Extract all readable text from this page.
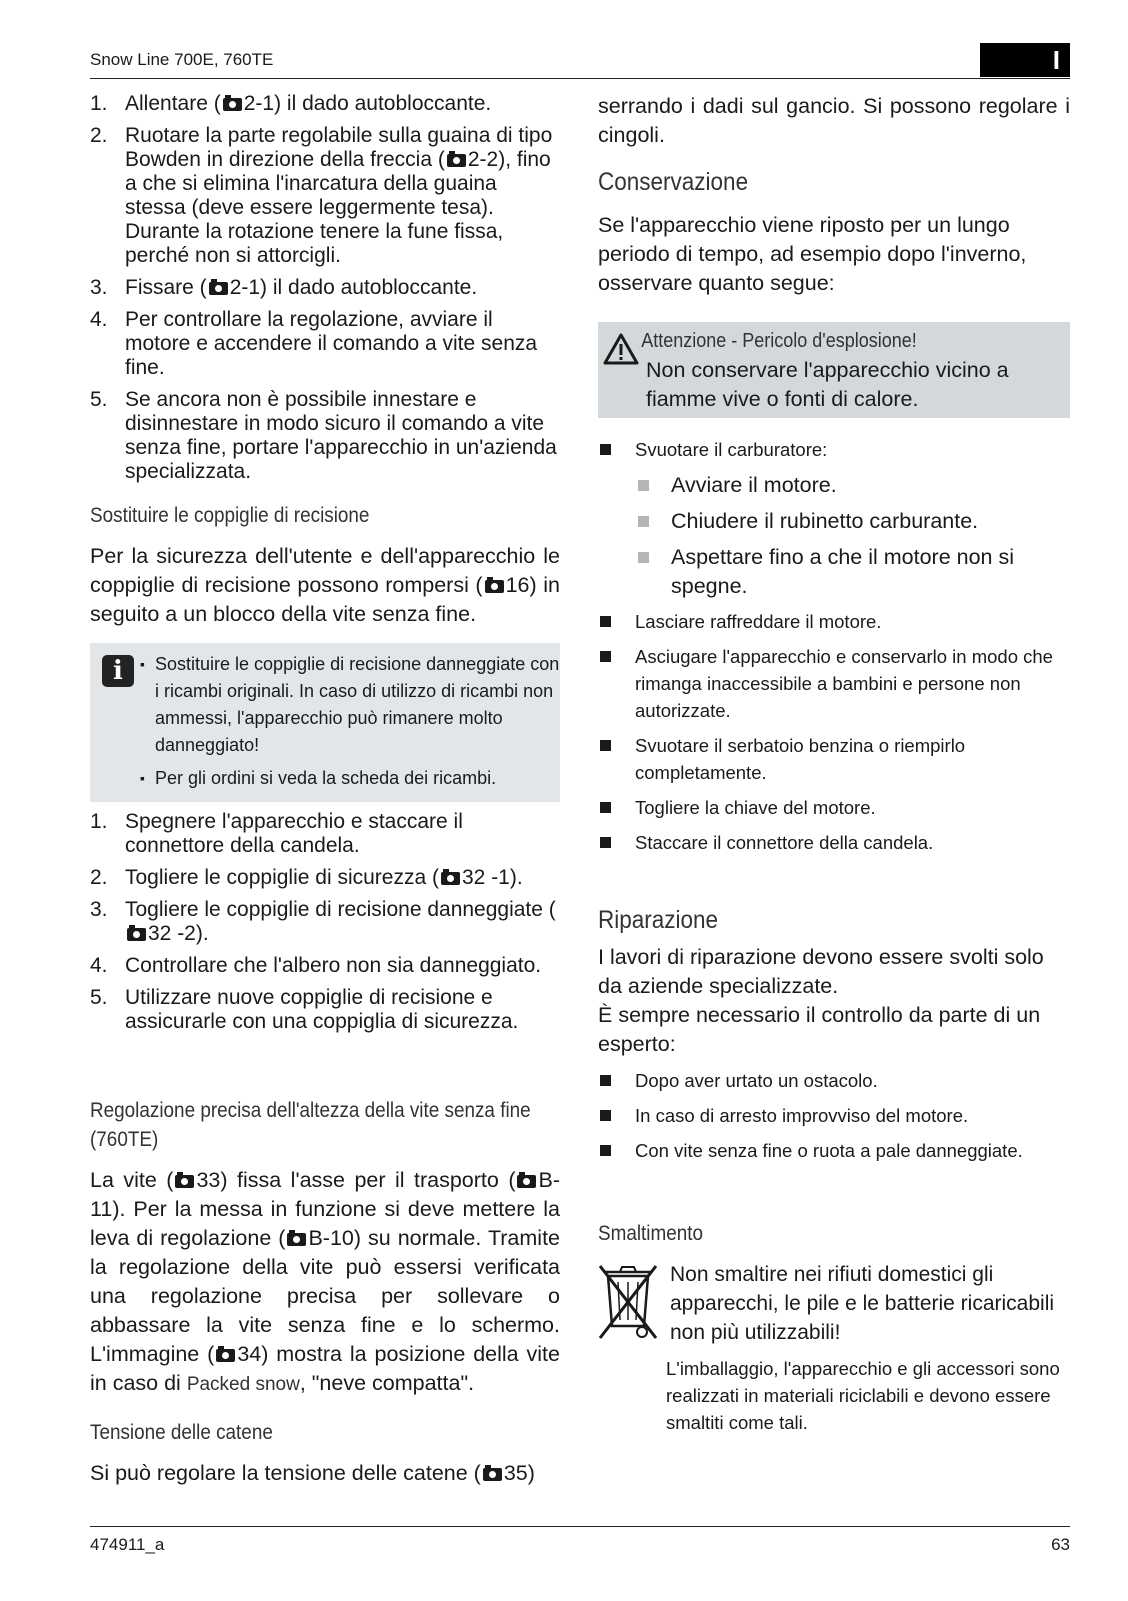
Snow Line 700E, 760TE	I
1. Allentare ( 2-1) il dado autobloccante.
2. Ruotare la parte regolabile sulla guaina di tipo Bowden in direzione della freccia ( 2-2), fino a che si elimina l'inarcatura della guaina stessa (deve essere leggermente tesa). Durante la rotazione tenere la fune fissa, perché non si attorcigli.
3. Fissare ( 2-1) il dado autobloccante.
4. Per controllare la regolazione, avviare il motore e accendere il comando a vite senza fine.
5. Se ancora non è possibile innestare e disinnestare in modo sicuro il comando a vite senza fine, portare l'apparecchio in un'azienda specializzata.
Sostituire le coppiglie di recisione

Per la sicurezza dell'utente e dell'apparecchio le coppiglie di recisione possono rompersi ( 16) in seguito a un blocco della vite senza fine.

i
▪	Sostituire le coppiglie di recisione danneggiate con i ricambi originali. In caso di utilizzo di ricambi non ammessi, l'apparecchio può rimanere molto danneggiato!
▪ Per gli ordini si veda la scheda dei ricambi.
1. Spegnere l'apparecchio e staccare il connettore della candela.
2. Togliere le coppiglie di sicurezza ( 32 -1).
3. Togliere le coppiglie di recisione danneggiate (32 -2).
4. Controllare che l'albero non sia danneggiato.
5. Utilizzare nuove coppiglie di recisione e assicurarle con una coppiglia di sicurezza.
Regolazione precisa dell'altezza della vite senza fine (760TE)

La vite ( 33) fissa l'asse per il trasporto ( B-11). Per la messa in funzione si deve mettere la leva di regolazione ( B-10) su normale. Tramite la regolazione della vite può essersi verificata una regolazione precisa per sollevare o abbassare la vite senza fine e lo schermo. L'immagine ( 34) mostra la posizione della vite in caso di Packed snow, "neve compatta".

Tensione delle catene

Si può regolare la tensione delle catene ( 35)

serrando i dadi sul gancio. Si possono regolare i cingoli.

Conservazione

Se l'apparecchio viene riposto per un lungo periodo di tempo, ad esempio dopo l'inverno, osservare quanto segue:

Attenzione - Pericolo d'esplosione!
Non conservare l'apparecchio vicino a fiamme vive o fonti di calore.
Svuotare il carburatore:
Avviare il motore.
Chiudere il rubinetto carburante.
Aspettare fino a che il motore non si spegne.
Lasciare raffreddare il motore.
Asciugare l'apparecchio e conservarlo in modo che rimanga inaccessibile a bambini e persone non autorizzate.
Svuotare il serbatoio benzina o riempirlo completamente.
Togliere la chiave del motore.
Staccare il connettore della candela.
Riparazione

I lavori di riparazione devono essere svolti solo da aziende specializzate.

È sempre necessario il controllo da parte di un esperto:

Dopo aver urtato un ostacolo.
In caso di arresto improvviso del motore.
Con vite senza fine o ruota a pale danneggiate.
Smaltimento
Non smaltire nei rifiuti domestici gli apparecchi, le pile e le batterie ricaricabili non più utilizzabili!
L'imballaggio, l'apparecchio e gli accessori sono realizzati in materiali riciclabili e devono essere smaltiti come tali.
474911_a	63
